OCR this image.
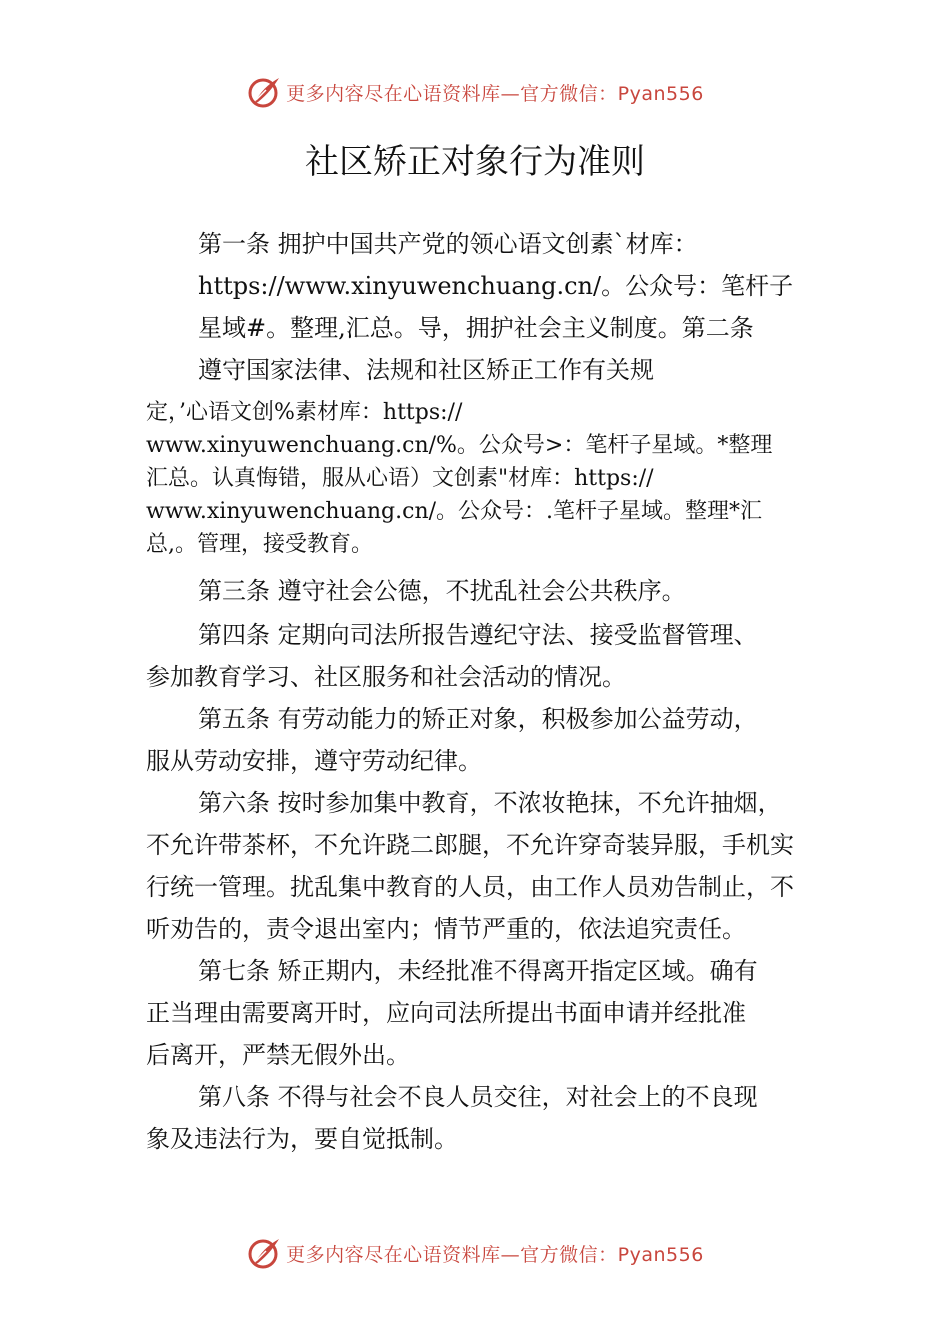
更多内容尽在心语资料库—官方微信：Pyan556
社区矫正对象行为准则
第一条 拥护中国共产党的领心语文创素`材库：
https://www.xinyuwenchuang.cn/。公众号：笔杆子
星域#。整理,汇总。导，拥护社会主义制度。第二条
遵守国家法律、法规和社区矫正工作有关规
定，’心语文创%素材库：https://
www.xinyuwenchuang.cn/%。公众号>：笔杆子星域。*整理
汇总。认真悔错，服从心语）文创素"材库：https://
www.xinyuwenchuang.cn/。公众号：.笔杆子星域。整理*汇
总,。管理，接受教育。
第三条 遵守社会公德，不扰乱社会公共秩序。
第四条 定期向司法所报告遵纪守法、接受监督管理、
参加教育学习、社区服务和社会活动的情况。
第五条 有劳动能力的矫正对象，积极参加公益劳动，
服从劳动安排，遵守劳动纪律。
第六条 按时参加集中教育，不浓妆艳抹，不允许抽烟，
不允许带茶杯，不允许跷二郎腿，不允许穿奇装异服，手机实
行统一管理。扰乱集中教育的人员，由工作人员劝告制止，不
听劝告的，责令退出室内；情节严重的，依法追究责任。
第七条 矫正期内，未经批准不得离开指定区域。确有
正当理由需要离开时，应向司法所提出书面申请并经批准
后离开，严禁无假外出。
第八条 不得与社会不良人员交往，对社会上的不良现
象及违法行为，要自觉抵制。
更多内容尽在心语资料库—官方微信：Pyan556
